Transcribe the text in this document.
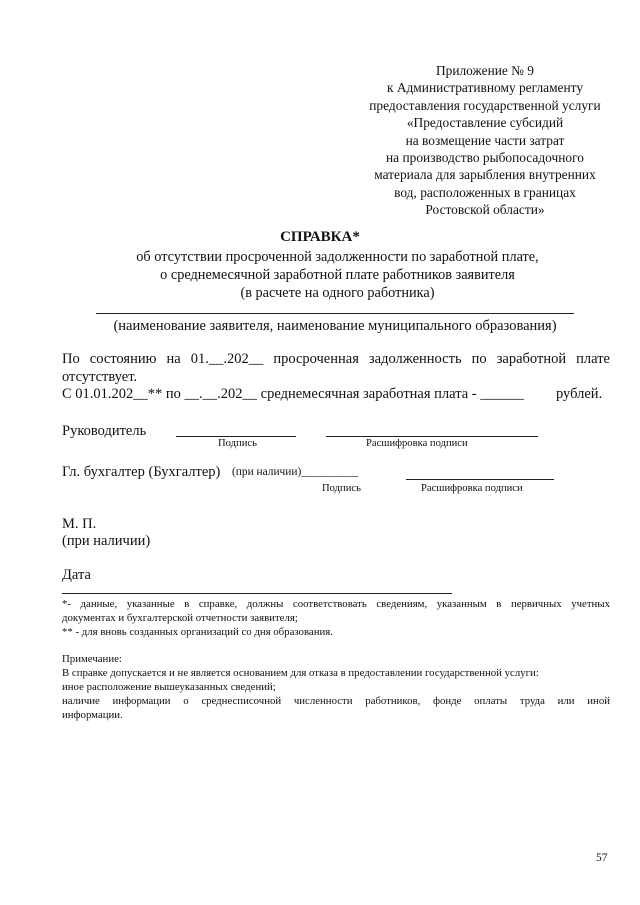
Приложение № 9
к Административному регламенту
предоставления государственной услуги
«Предоставление субсидий
на возмещение части затрат
на производство рыбопосадочного
материала для зарыбления внутренних
вод, расположенных в границах
Ростовской области»
СПРАВКА*
об отсутствии просроченной задолженности по заработной плате,
о среднемесячной заработной плате работников заявителя
(в расчете на одного работника)
(наименование заявителя, наименование муниципального образования)
По состоянию на 01.__.202__ просроченная задолженность по заработной плате
отсутствует.
С 01.01.202__** по __.__.202__ среднемесячная заработная плата - ______ рублей.
Руководитель
Подпись	Расшифровка подписи
Гл. бухгалтер (Бухгалтер) (при наличии)__________
Подпись	Расшифровка подписи
М. П.
(при наличии)
Дата
*- данные, указанные в справке, должны соответствовать сведениям, указанным в первичных учетных
документах и бухгалтерской отчетности заявителя;
** - для вновь созданных организаций со дня образования.
Примечание:
В справке допускается и не является основанием для отказа в предоставлении государственной услуги:
иное расположение вышеуказанных сведений;
наличие информации о среднесписочной численности работников, фонде оплаты труда или иной
информации.
57
